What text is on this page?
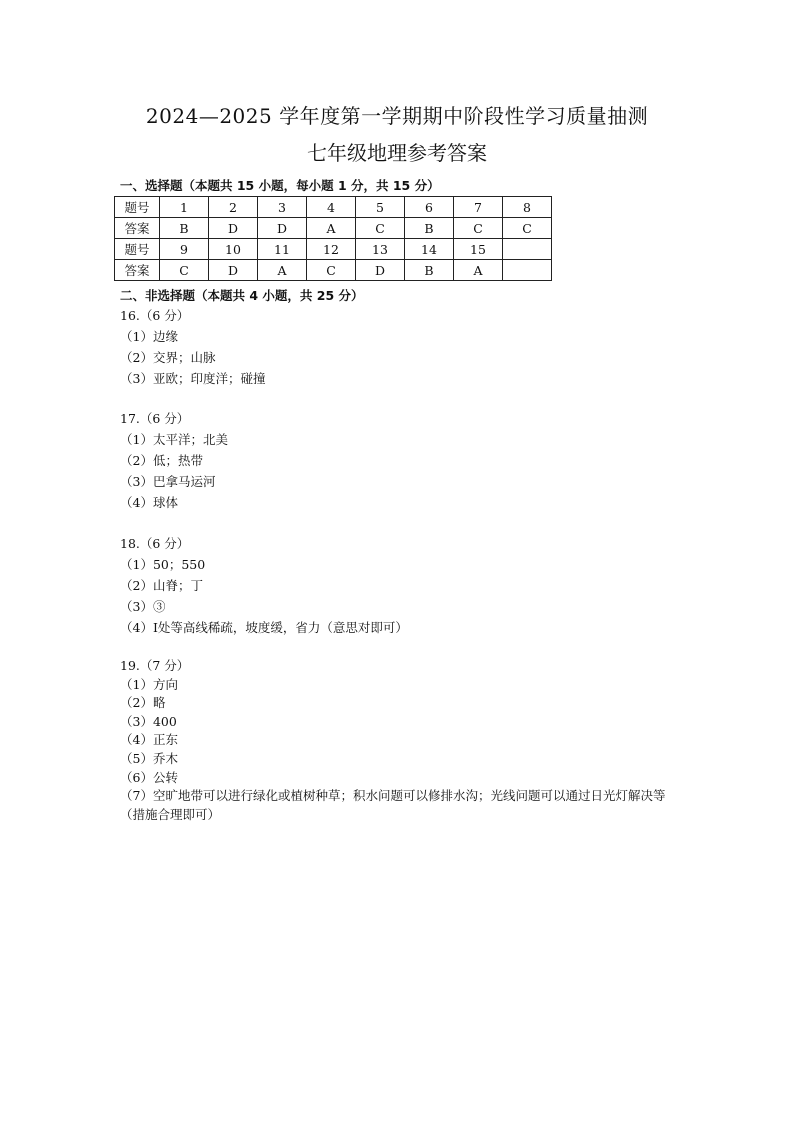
2024—2025 学年度第一学期期中阶段性学习质量抽测
七年级地理参考答案
一、选择题（本题共 15 小题，每小题 1 分，共 15 分）
题号	1	2	3	4	5	6	7	8
答案	B	D	D	A	C	B	C	C
题号	9	10	11	12	13	14	15	
答案	C	D	A	C	D	B	A	
二、非选择题（本题共 4 小题，共 25 分）
16.（6 分）
（1）边缘
（2）交界；山脉
（3）亚欧；印度洋；碰撞
17.（6 分）
（1）太平洋；北美
（2）低；热带
（3）巴拿马运河
（4）球体
18.（6 分）
（1）50；550
（2）山脊；丁
（3）③
（4）Ⅰ处等高线稀疏，坡度缓，省力（意思对即可）
19.（7 分）
（1）方向
（2）略
（3）400
（4）正东
（5）乔木
（6）公转
（7）空旷地带可以进行绿化或植树种草；积水问题可以修排水沟；光线问题可以通过日光灯解决等（措施合理即可）
